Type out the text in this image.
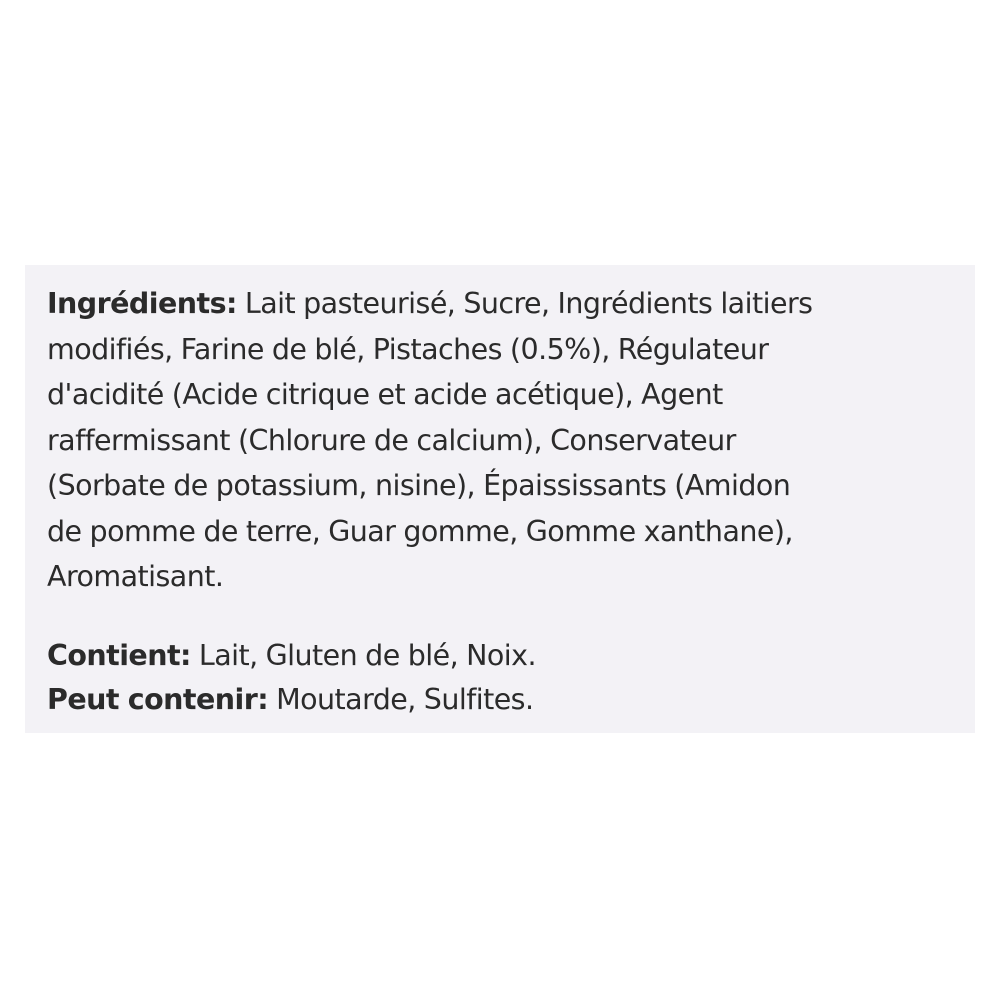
Ingrédients: Lait pasteurisé, Sucre, Ingrédients laitiers
modifiés, Farine de blé, Pistaches (0.5%), Régulateur
d'acidité (Acide citrique et acide acétique), Agent
raffermissant (Chlorure de calcium), Conservateur
(Sorbate de potassium, nisine), Épaississants (Amidon
de pomme de terre, Guar gomme, Gomme xanthane),
Aromatisant.

Contient: Lait, Gluten de blé, Noix.
Peut contenir: Moutarde, Sulfites.
